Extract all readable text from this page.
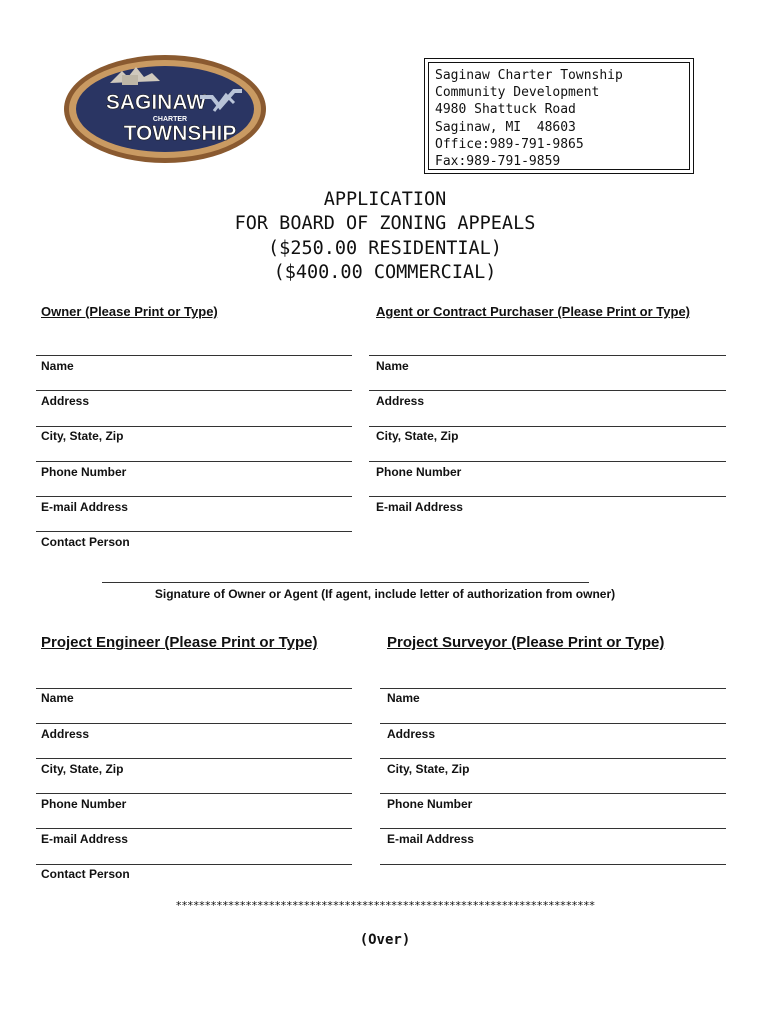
SAGINAW
CHARTER
TOWNSHIP
Saginaw Charter Township
Community Development
4980 Shattuck Road
Saginaw, MI  48603
Office:989-791-9865
Fax:989-791-9859
APPLICATION
FOR BOARD OF ZONING APPEALS
($250.00 RESIDENTIAL)
($400.00 COMMERCIAL)
Owner (Please Print or Type)	Agent or Contract Purchaser (Please Print or Type)
Name
Address
City, State, Zip
Phone Number
E-mail Address
Contact Person
Name
Address
City, State, Zip
Phone Number
E-mail Address
Signature of Owner or Agent (If agent, include letter of authorization from owner)
Project Engineer (Please Print or Type)	Project Surveyor (Please Print or Type)
Name
Address
City, State, Zip
Phone Number
E-mail Address
Contact Person
Name
Address
City, State, Zip
Phone Number
E-mail Address
************************************************************************
(Over)
